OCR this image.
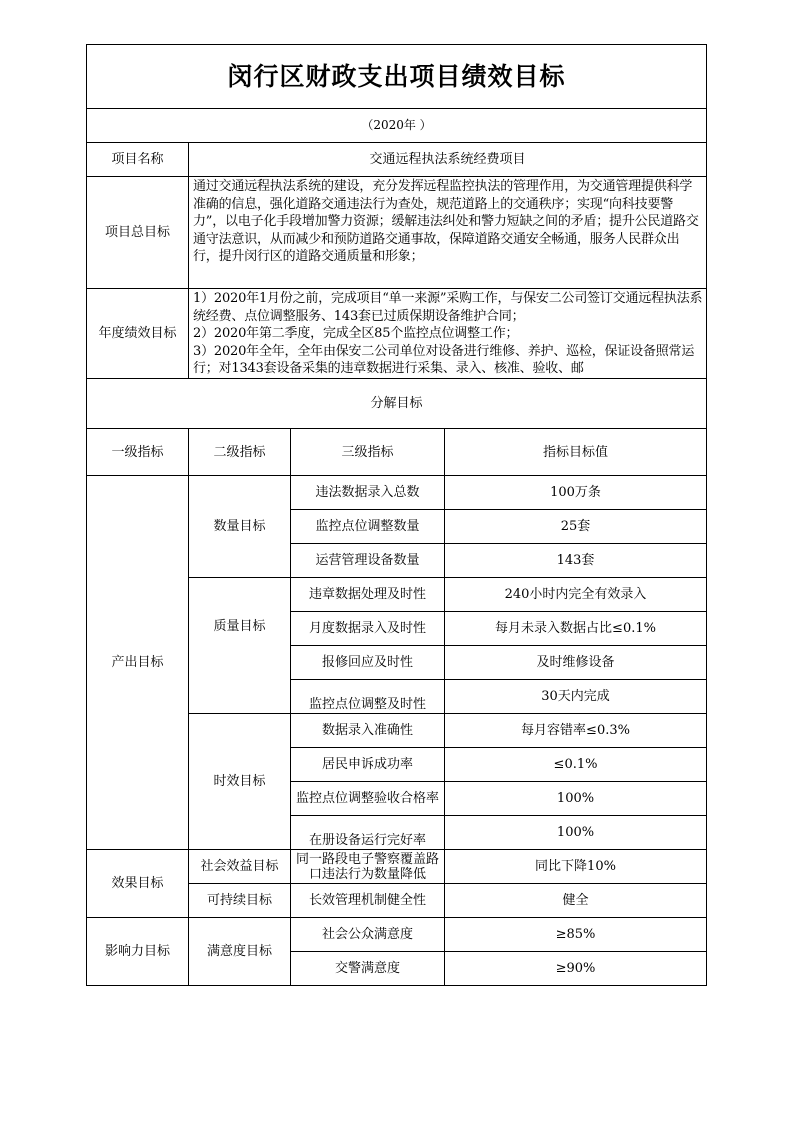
闵行区财政支出项目绩效目标			
（2020年 ）			
项目名称	交通远程执法系统经费项目		
项目总目标	通过交通远程执法系统的建设，充分发挥远程监控执法的管理作用，为交通管理提供科学准确的信息，强化道路交通违法行为查处，规范道路上的交通秩序；实现“向科技要警力”，以电子化手段增加警力资源；缓解违法纠处和警力短缺之间的矛盾；提升公民道路交通守法意识，从而减少和预防道路交通事故，保障道路交通安全畅通，服务人民群众出行，提升闵行区的道路交通质量和形象；		
年度绩效目标	1）2020年1月份之前，完成项目“单一来源”采购工作，与保安二公司签订交通远程执法系统经费、点位调整服务、143套已过质保期设备维护合同；
2）2020年第二季度，完成全区85个监控点位调整工作；
3）2020年全年，全年由保安二公司单位对设备进行维修、养护、巡检，保证设备照常运行；对1343套设备采集的违章数据进行采集、录入、核准、验收、邮		

分解目标			
一级指标	二级指标	三级指标	指标目标值
产出目标	数量目标	违法数据录入总数	100万条
		监控点位调整数量	25套
		运营管理设备数量	143套
	质量目标	违章数据处理及时性	240小时内完全有效录入
		月度数据录入及时性	每月未录入数据占比≤0.1%
		报修回应及时性	及时维修设备
		监控点位调整及时性	30天内完成
	时效目标	数据录入准确性	每月容错率≤0.3%
		居民申诉成功率	≤0.1%
		监控点位调整验收合格率	100%
		在册设备运行完好率	100%
效果目标	社会效益目标	同一路段电子警察覆盖路口违法行为数量降低	同比下降10%
	可持续目标	长效管理机制健全性	健全
影响力目标	满意度目标	社会公众满意度	≥85%
		交警满意度	≥90%
